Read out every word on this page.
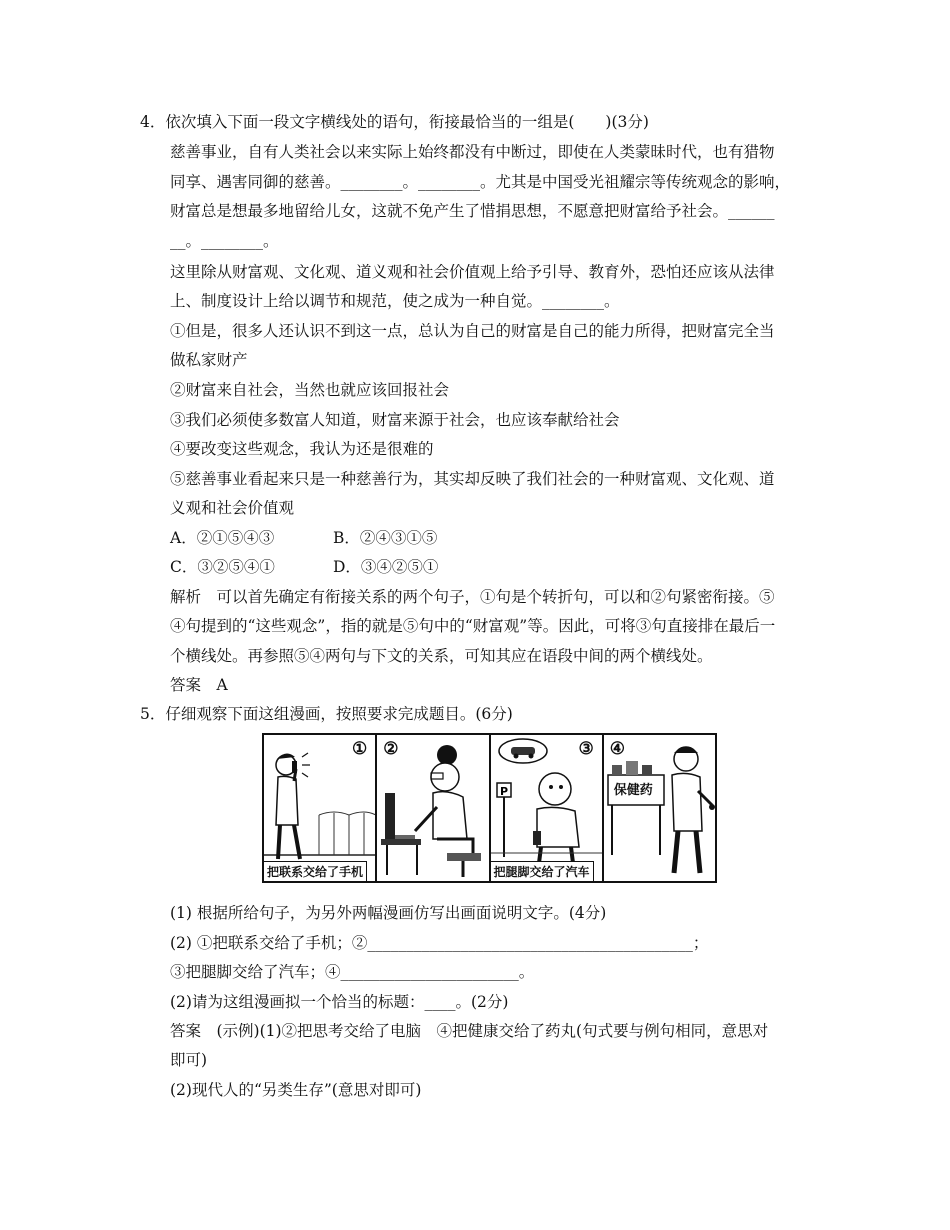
4．依次填入下面一段文字横线处的语句，衔接最恰当的一组是(　　)(3分)
慈善事业，自有人类社会以来实际上始终都没有中断过，即使在人类蒙昧时代，也有猎物
同享、遇害同御的慈善。________。________。尤其是中国受光祖耀宗等传统观念的影响，
财富总是想最多地留给儿女，这就不免产生了惜捐思想，不愿意把财富给予社会。______
__。________。
这里除从财富观、文化观、道义观和社会价值观上给予引导、教育外，恐怕还应该从法律
上、制度设计上给以调节和规范，使之成为一种自觉。________。
①但是，很多人还认识不到这一点，总认为自己的财富是自己的能力所得，把财富完全当
做私家财产
②财富来自社会，当然也就应该回报社会
③我们必须使多数富人知道，财富来源于社会，也应该奉献给社会
④要改变这些观念，我认为还是很难的
⑤慈善事业看起来只是一种慈善行为，其实却反映了我们社会的一种财富观、文化观、道
义观和社会价值观
A．②①⑤④③	B．②④③①⑤
C．③②⑤④①	D．③④②⑤①
解析　可以首先确定有衔接关系的两个句子，①句是个转折句，可以和②句紧密衔接。⑤
④句提到的“这些观念”，指的就是⑤句中的“财富观”等。因此，可将③句直接排在最后一
个横线处。再参照⑤④两句与下文的关系，可知其应在语段中间的两个横线处。
答案　A
5．仔细观察下面这组漫画，按照要求完成题目。(6分)
①
把联系交给了手机
②	③
P
把腿脚交给了汽车
④
保健药
(1) 根据所给句子，为另外两幅漫画仿写出画面说明文字。(4分)
(2) ①把联系交给了手机；②__________________________________________；
③把腿脚交给了汽车；④_______________________。
(2)请为这组漫画拟一个恰当的标题：____。(2分)
答案　(示例)(1)②把思考交给了电脑　④把健康交给了药丸(句式要与例句相同，意思对
即可)
(2)现代人的“另类生存”(意思对即可)
